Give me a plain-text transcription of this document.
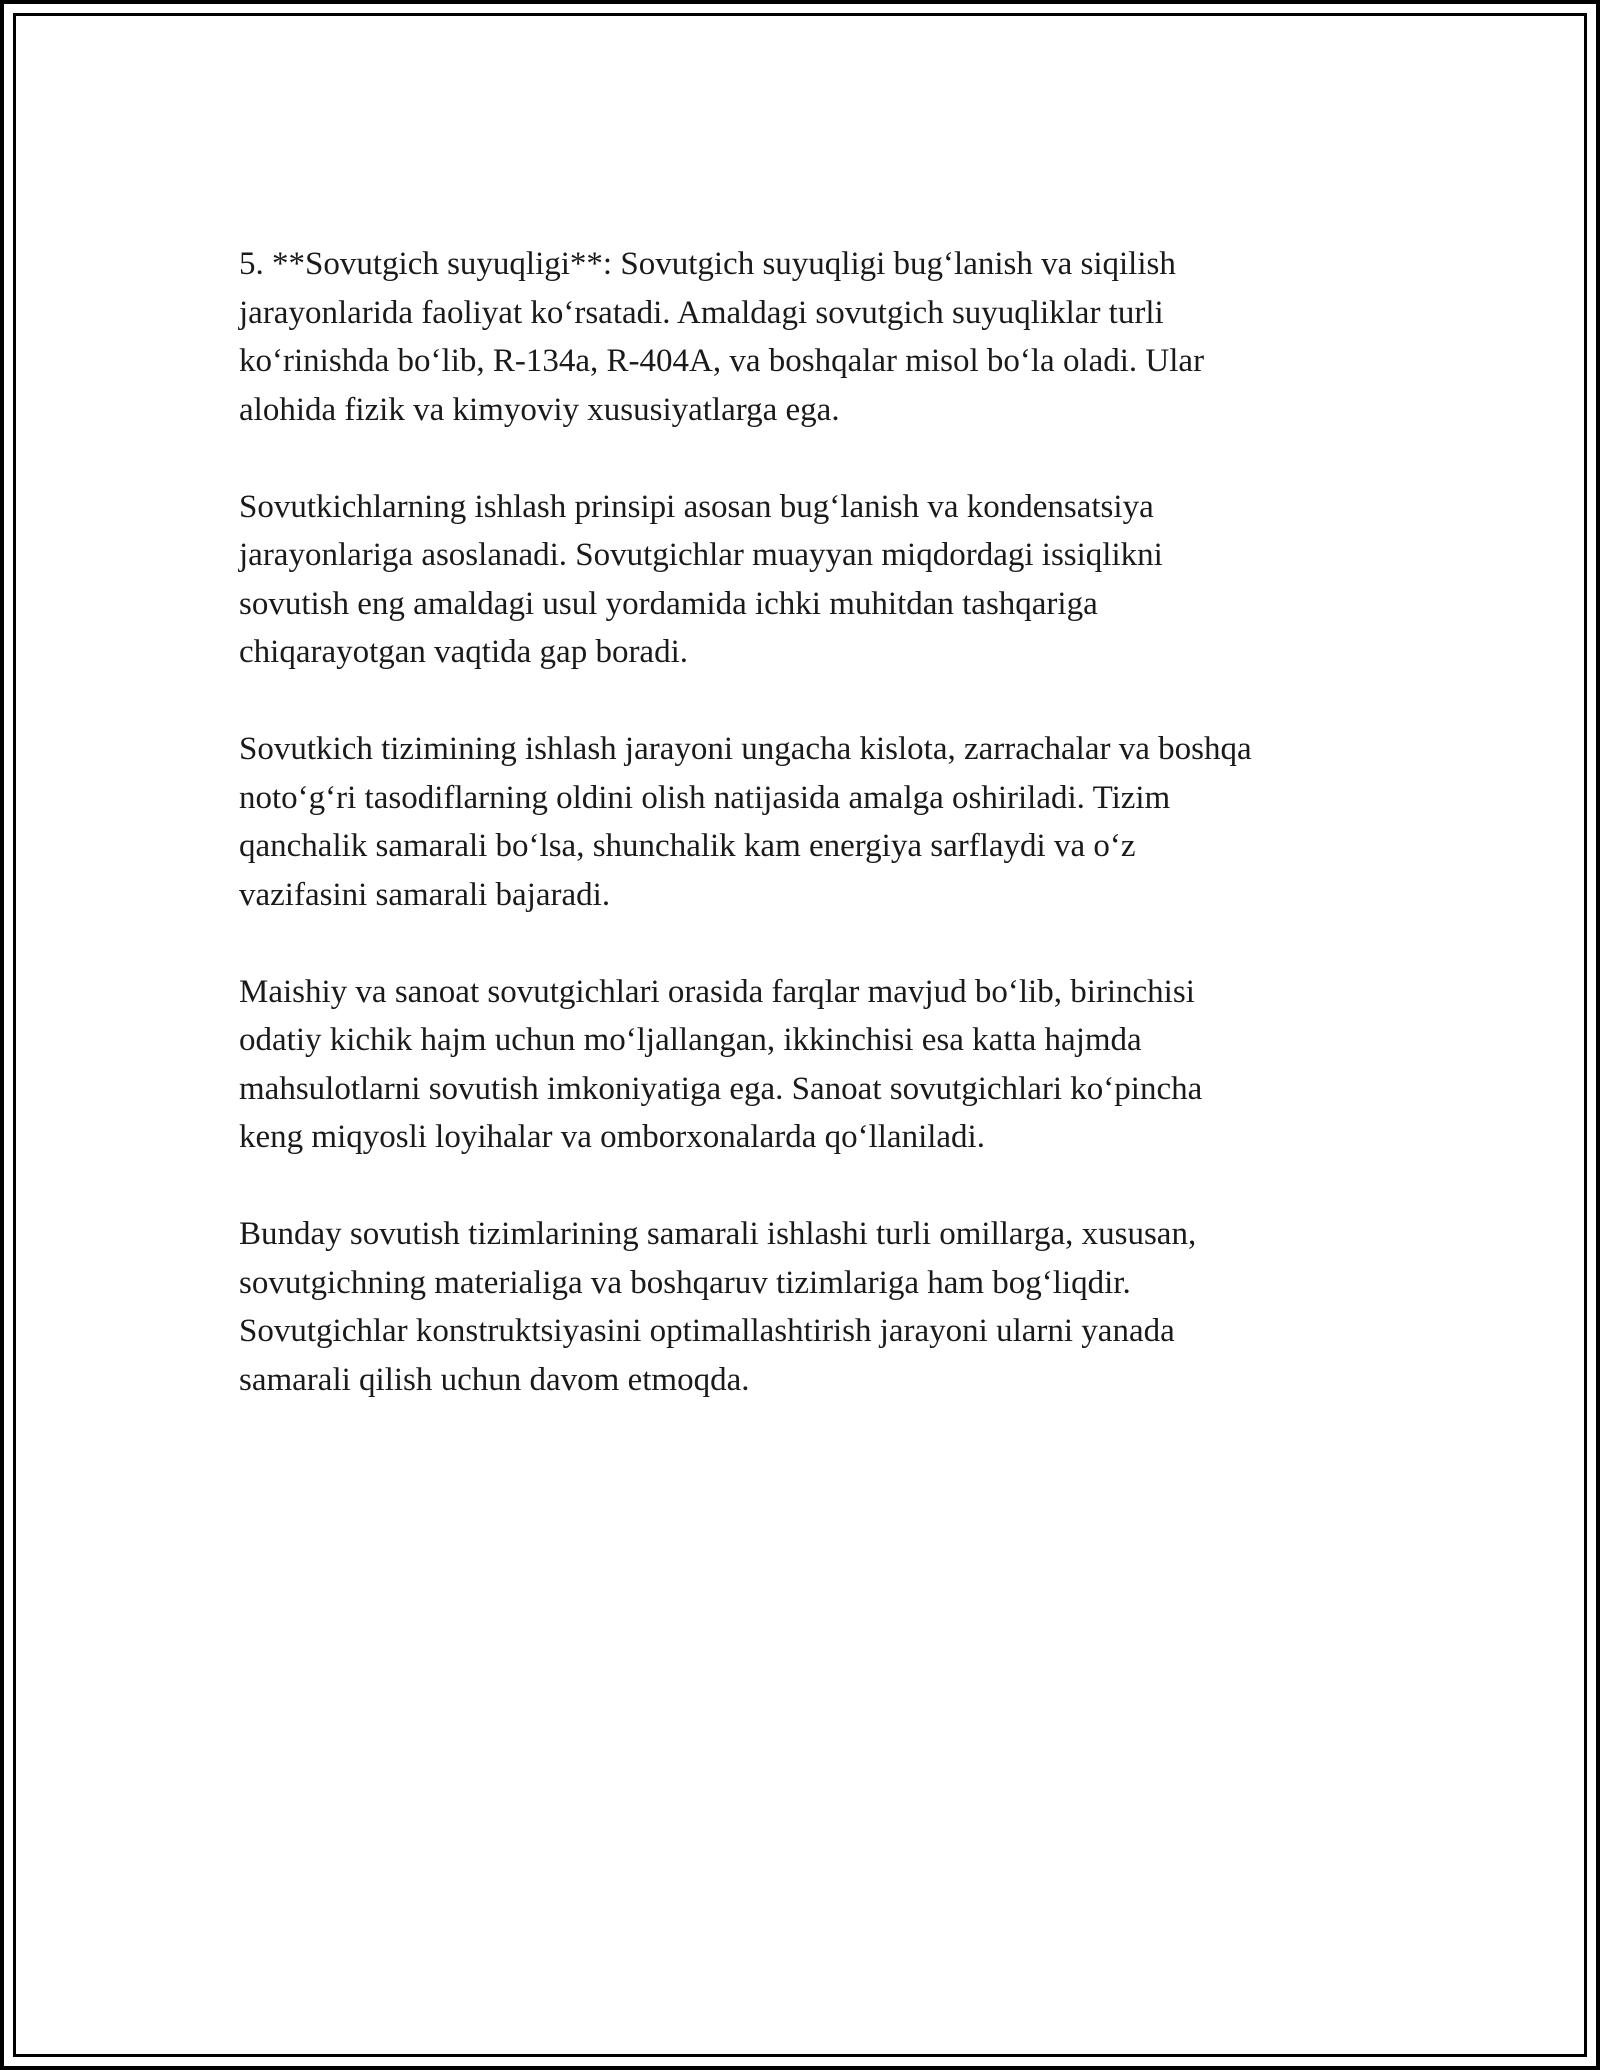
5. **Sovutgich suyuqligi**: Sovutgich suyuqligi bug‘lanish va siqilish
jarayonlarida faoliyat ko‘rsatadi. Amaldagi sovutgich suyuqliklar turli
ko‘rinishda bo‘lib, R-134a, R-404A, va boshqalar misol bo‘la oladi. Ular
alohida fizik va kimyoviy xususiyatlarga ega.

Sovutkichlarning ishlash prinsipi asosan bug‘lanish va kondensatsiya
jarayonlariga asoslanadi. Sovutgichlar muayyan miqdordagi issiqlikni
sovutish eng amaldagi usul yordamida ichki muhitdan tashqariga
chiqarayotgan vaqtida gap boradi.

Sovutkich tizimining ishlash jarayoni ungacha kislota, zarrachalar va boshqa
noto‘g‘ri tasodiflarning oldini olish natijasida amalga oshiriladi. Tizim
qanchalik samarali bo‘lsa, shunchalik kam energiya sarflaydi va o‘z
vazifasini samarali bajaradi.

Maishiy va sanoat sovutgichlari orasida farqlar mavjud bo‘lib, birinchisi
odatiy kichik hajm uchun mo‘ljallangan, ikkinchisi esa katta hajmda
mahsulotlarni sovutish imkoniyatiga ega. Sanoat sovutgichlari ko‘pincha
keng miqyosli loyihalar va omborxonalarda qo‘llaniladi.

Bunday sovutish tizimlarining samarali ishlashi turli omillarga, xususan,
sovutgichning materialiga va boshqaruv tizimlariga ham bog‘liqdir.
Sovutgichlar konstruktsiyasini optimallashtirish jarayoni ularni yanada
samarali qilish uchun davom etmoqda.
